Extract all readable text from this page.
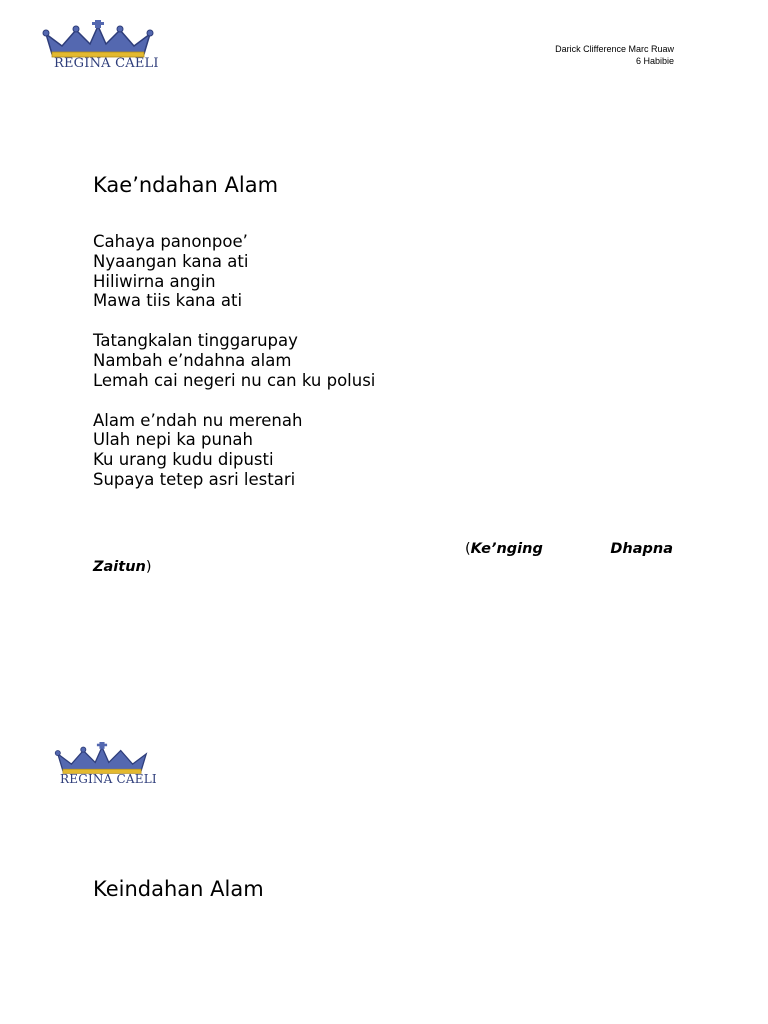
REGINA CAELI
Darick Clifference Marc Ruaw
6 Habibie
Kae’ndahan Alam

Cahaya panonpoe’
Nyaangan kana ati
Hiliwirna angin
Mawa tiis kana ati

Tatangkalan tinggarupay
Nambah e’ndahna alam
Lemah cai negeri nu can ku polusi

Alam e’ndah nu merenah
Ulah nepi ka punah
Ku urang kudu dipusti
Supaya tetep asri lestari

(Ke’nging	Dhapna
Zaitun)
REGINA CAELI
Keindahan Alam
